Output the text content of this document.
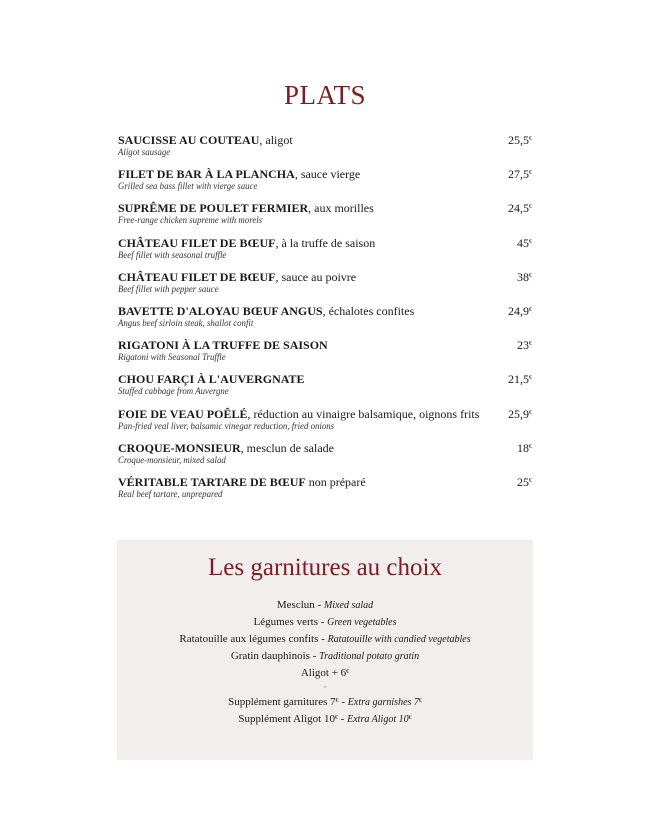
PLATS
SAUCISSE AU COUTEAU, aligot
Aligot sausage
25,5€
FILET DE BAR À LA PLANCHA, sauce vierge
Grilled sea bass fillet with vierge sauce
27,5€
SUPRÊME DE POULET FERMIER, aux morilles
Free-range chicken supreme with morels
24,5€
CHÂTEAU FILET DE BŒUF, à la truffe de saison
Beef fillet with seasonal truffle
45€
CHÂTEAU FILET DE BŒUF, sauce au poivre
Beef fillet with pepper sauce
38€
BAVETTE D'ALOYAU BŒUF ANGUS, échalotes confites
Angus beef sirloin steak, shallot confit
24,9€
RIGATONI À LA TRUFFE DE SAISON
Rigatoni with Seasonal Truffle
23€
CHOU FARÇI À L'AUVERGNATE
Stuffed cabbage from Auvergne
21,5€
FOIE DE VEAU POÊLÉ, réduction au vinaigre balsamique, oignons frits
Pan-fried veal liver, balsamic vinegar reduction, fried onions
25,9€
CROQUE-MONSIEUR, mesclun de salade
Croque-monsieur, mixed salad
18€
VÉRITABLE TARTARE DE BŒUF non préparé
Real beef tartare, unprepared
25€
Les garnitures au choix
Mesclun - Mixed salad
Légumes verts - Green vegetables
Ratatouille aux légumes confits - Ratatouille with candied vegetables
Gratin dauphinois - Traditional potato gratin
Aligot + 6€
=
Supplément garnitures 7€ - Extra garnishes 7€
Supplément Aligot 10€ - Extra Aligot 10€
